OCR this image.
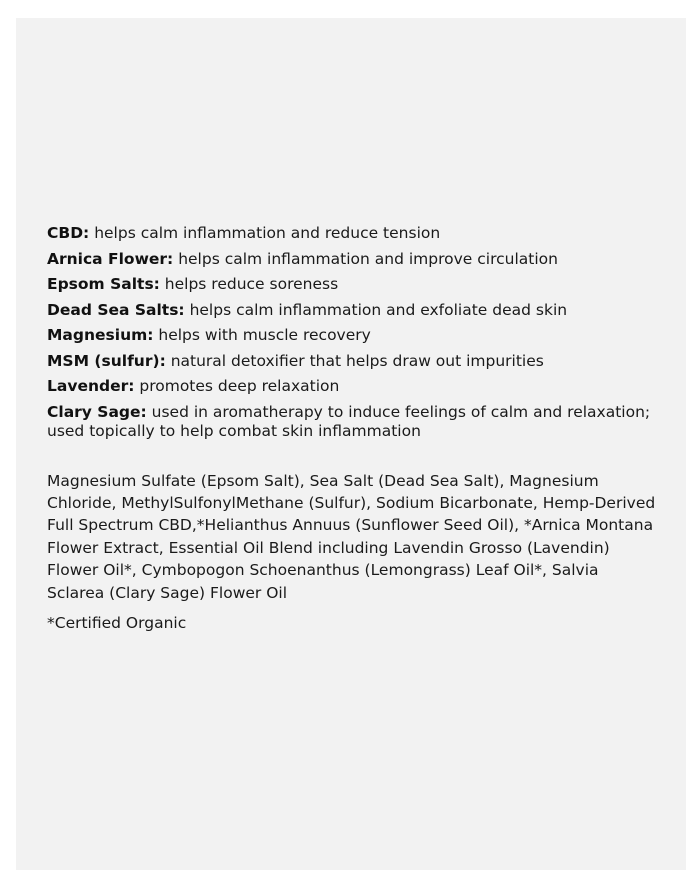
CBD: helps calm inflammation and reduce tension

Arnica Flower: helps calm inflammation and improve circulation

Epsom Salts: helps reduce soreness

Dead Sea Salts: helps calm inflammation and exfoliate dead skin

Magnesium: helps with muscle recovery

MSM (sulfur): natural detoxifier that helps draw out impurities

Lavender: promotes deep relaxation

Clary Sage: used in aromatherapy to induce feelings of calm and relaxation; used topically to help combat skin inflammation

Magnesium Sulfate (Epsom Salt), Sea Salt (Dead Sea Salt), Magnesium
Chloride, MethylSulfonylMethane (Sulfur), Sodium Bicarbonate, Hemp-Derived
Full Spectrum CBD,*Helianthus Annuus (Sunflower Seed Oil), *Arnica Montana
Flower Extract, Essential Oil Blend including Lavendin Grosso (Lavendin)
Flower Oil*, Cymbopogon Schoenanthus (Lemongrass) Leaf Oil*, Salvia
Sclarea (Clary Sage) Flower Oil
*Certified Organic
